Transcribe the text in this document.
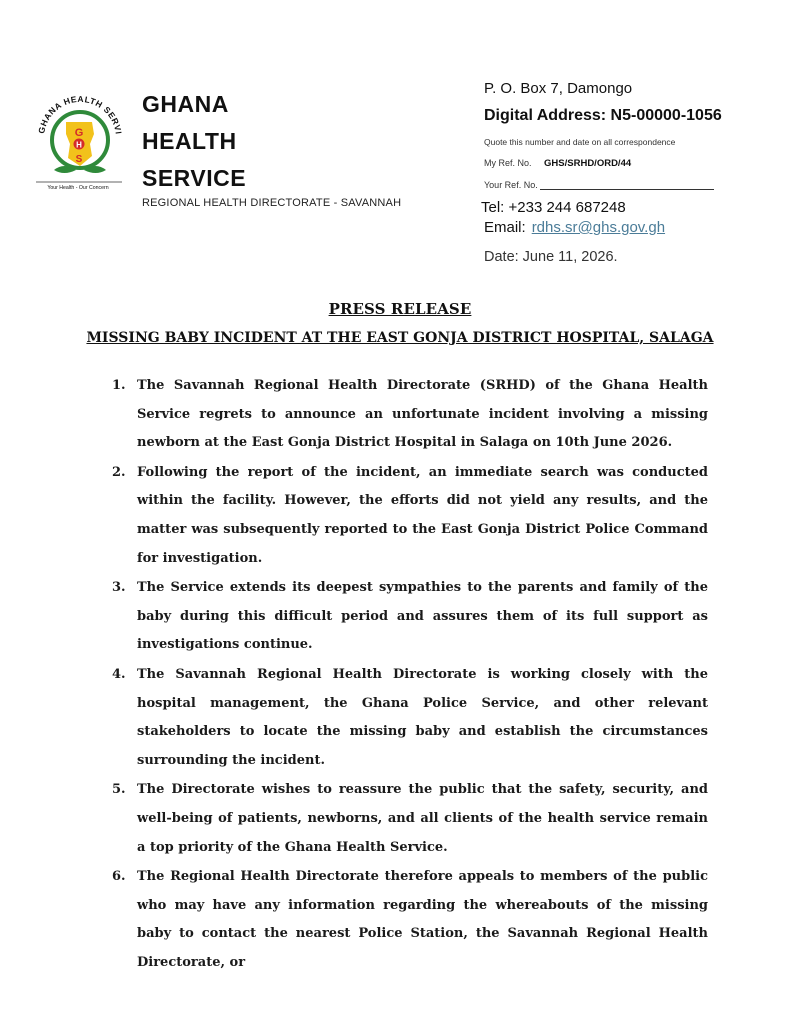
GHANA HEALTH SERVI
G
H
S
Your Health - Our Concern
GHANA
HEALTH
SERVICE
REGIONAL HEALTH DIRECTORATE - SAVANNAH
P. O. Box 7, Damongo
Digital Address: N5-00000-1056
Quote this number and date on all correspondence
My Ref. No. GHS/SRHD/ORD/44
Your Ref. No.
Tel: +233 244 687248
Email: rdhs.sr@ghs.gov.gh
Date: June 11, 2026.
PRESS RELEASE
MISSING BABY INCIDENT AT THE EAST GONJA DISTRICT HOSPITAL, SALAGA
1. The Savannah Regional Health Directorate (SRHD) of the Ghana Health Service regrets to announce an unfortunate incident involving a missing newborn at the East Gonja District Hospital in Salaga on 10th June 2026.
2. Following the report of the incident, an immediate search was conducted within the facility. However, the efforts did not yield any results, and the matter was subsequently reported to the East Gonja District Police Command for investigation.
3. The Service extends its deepest sympathies to the parents and family of the baby during this difficult period and assures them of its full support as investigations continue.
4. The Savannah Regional Health Directorate is working closely with the hospital management, the Ghana Police Service, and other relevant stakeholders to locate the missing baby and establish the circumstances surrounding the incident.
5. The Directorate wishes to reassure the public that the safety, security, and well-being of patients, newborns, and all clients of the health service remain a top priority of the Ghana Health Service.
6. The Regional Health Directorate therefore appeals to members of the public who may have any information regarding the whereabouts of the missing baby to contact the nearest Police Station, the Savannah Regional Health Directorate, or
